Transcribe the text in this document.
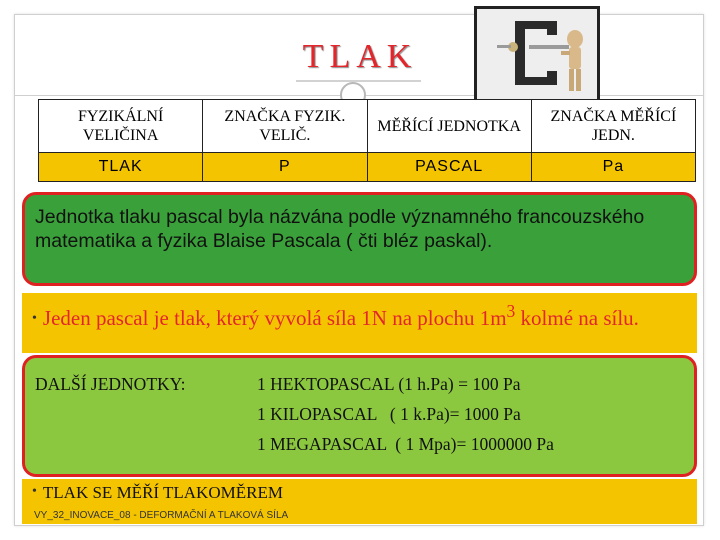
TLAK
FYZIKÁLNÍ VELIČINA	ZNAČKA FYZIK. VELIČ.	MĚŘÍCÍ JEDNOTKA	ZNAČKA MĚŘÍCÍ JEDN.
TLAK	P	PASCAL	Pa
Jednotka tlaku pascal byla názvána podle významného francouzského matematika a fyzika Blaise Pascala ( čti bléz paskal).
• Jeden pascal je tlak, který vyvolá síla 1N na plochu $1m^3$ kolmé na sílu.
DALŠÍ JEDNOTKY:	1 HEKTOPASCAL (1 h.Pa) = 100 Pa
1 KILOPASCAL   ( 1 k.Pa)= 1000 Pa
1 MEGAPASCAL  ( 1 Mpa)= 1000000 Pa
• TLAK SE MĚŘÍ TLAKOMĚREM
VY_32_INOVACE_08 - DEFORMAČNÍ A TLAKOVÁ SÍLA
